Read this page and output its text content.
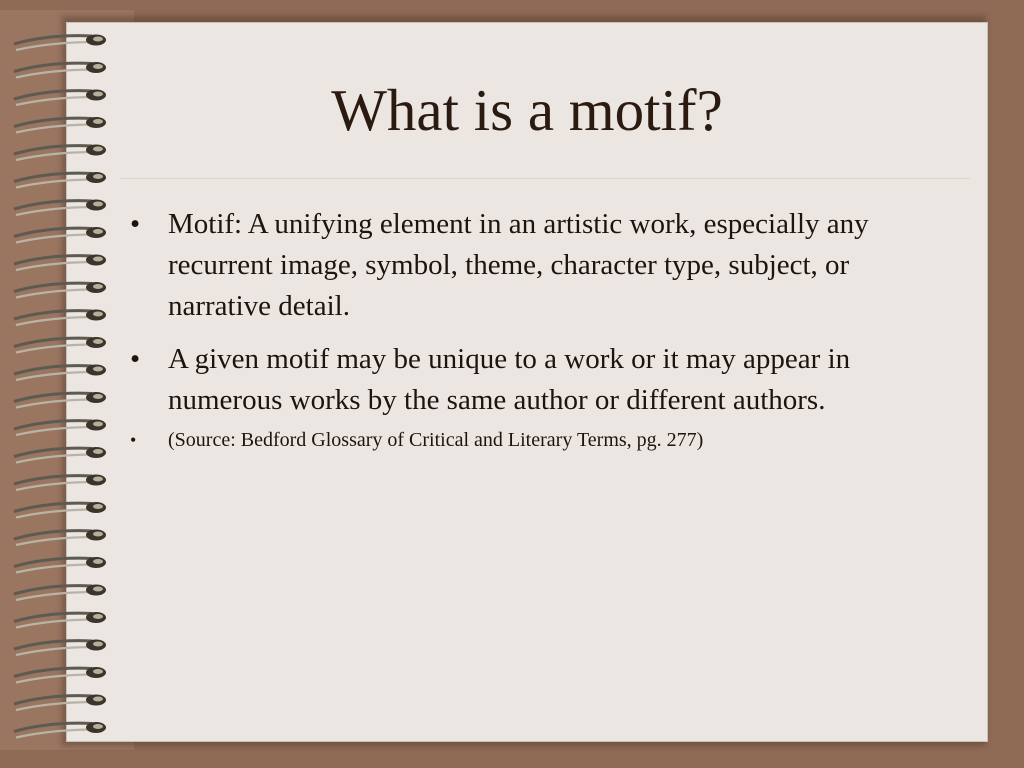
What is a motif?
• Motif: A unifying element in an artistic work, especially any recurrent image, symbol, theme, character type, subject, or narrative detail.
• A given motif may be unique to a work or it may appear in numerous works by the same author or different authors.
• (Source: Bedford Glossary of Critical and Literary Terms, pg. 277)
